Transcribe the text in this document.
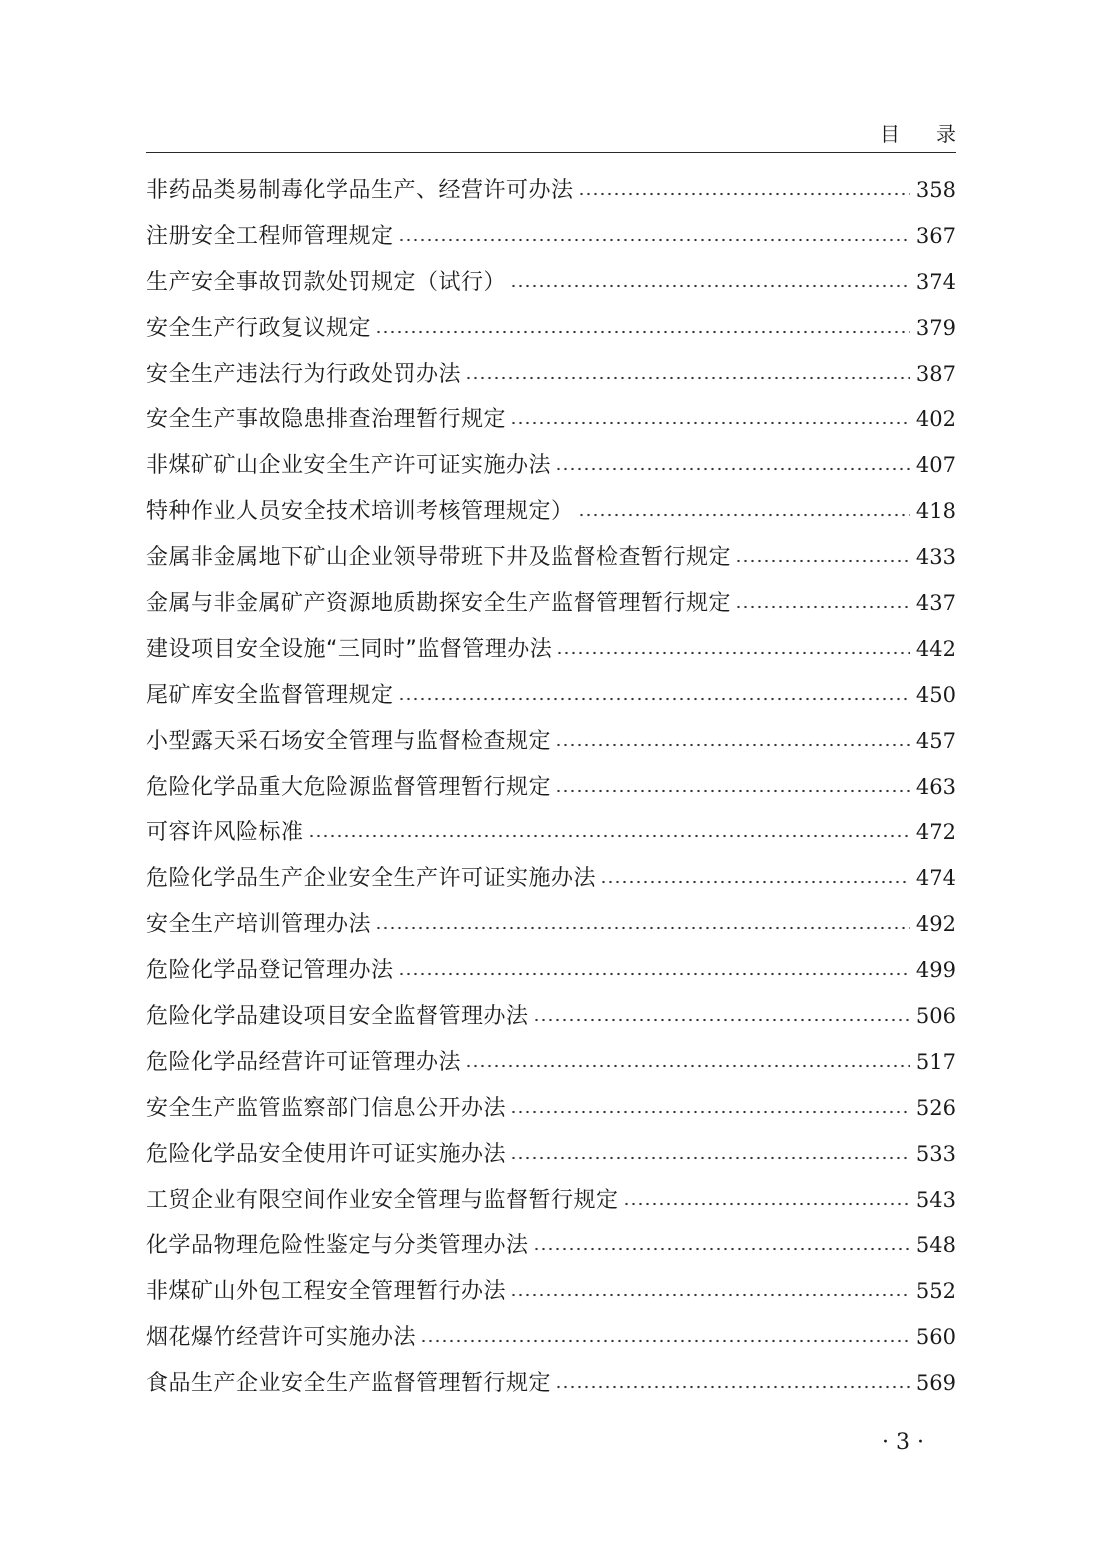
目录
非药品类易制毒化学品生产、经营许可办法	358
注册安全工程师管理规定	367
生产安全事故罚款处罚规定（试行）	374
安全生产行政复议规定	379
安全生产违法行为行政处罚办法	387
安全生产事故隐患排查治理暂行规定	402
非煤矿矿山企业安全生产许可证实施办法	407
特种作业人员安全技术培训考核管理规定）	418
金属非金属地下矿山企业领导带班下井及监督检查暂行规定	433
金属与非金属矿产资源地质勘探安全生产监督管理暂行规定	437
建设项目安全设施“三同时”监督管理办法	442
尾矿库安全监督管理规定	450
小型露天采石场安全管理与监督检查规定	457
危险化学品重大危险源监督管理暂行规定	463
可容许风险标准	472
危险化学品生产企业安全生产许可证实施办法	474
安全生产培训管理办法	492
危险化学品登记管理办法	499
危险化学品建设项目安全监督管理办法	506
危险化学品经营许可证管理办法	517
安全生产监管监察部门信息公开办法	526
危险化学品安全使用许可证实施办法	533
工贸企业有限空间作业安全管理与监督暂行规定	543
化学品物理危险性鉴定与分类管理办法	548
非煤矿山外包工程安全管理暂行办法	552
烟花爆竹经营许可实施办法	560
食品生产企业安全生产监督管理暂行规定	569
· 3 ·
